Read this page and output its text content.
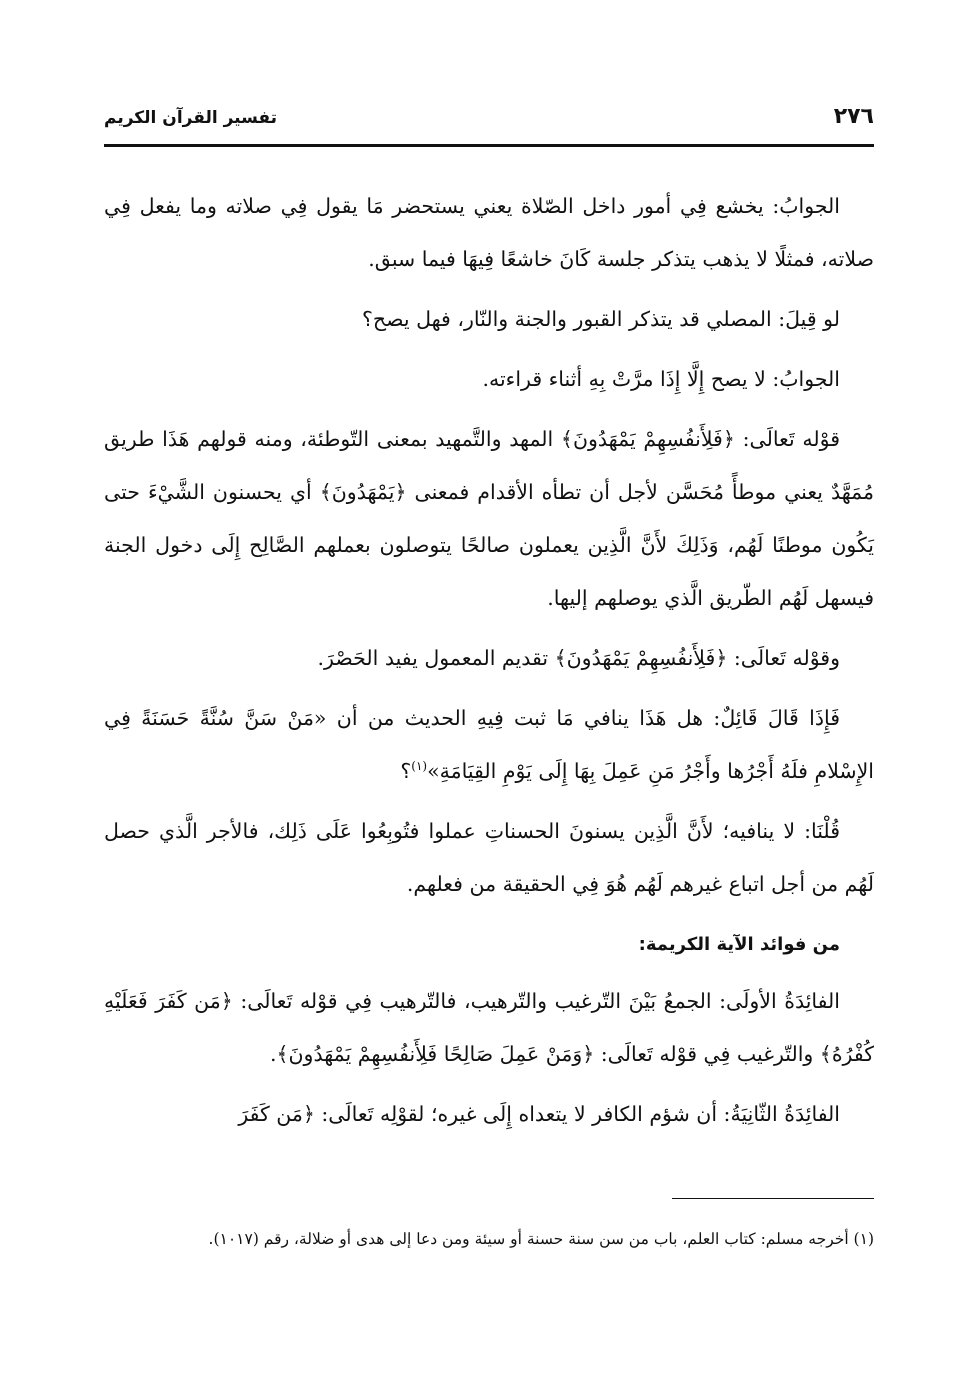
٢٧٦
تفسير القرآن الكريم

الجوابُ: يخشع فِي أمور داخل الصّلاة يعني يستحضر مَا يقول فِي صلاته وما يفعل فِي صلاته، فمثلًا لا يذهب يتذكر جلسة كَانَ خاشعًا فِيهَا فيما سبق.

لو قِيلَ: المصلي قد يتذكر القبور والجنة والنّار، فهل يصح؟

الجوابُ: لا يصح إِلَّا إِذَا مرَّتْ بِهِ أثناء قراءته.

قوْله تَعالَى: ﴿فَلِأَنفُسِهِمْ يَمْهَدُونَ﴾ المهد والتَّمهيد بمعنى التّوطئة، ومنه قولهم هَذَا طريق مُمَهَّدٌ يعني موطأً مُحَسَّن لأجل أن تطأه الأقدام فمعنى ﴿يَمْهَدُونَ﴾ أي يحسنون الشَّيْءَ حتى يَكُون موطنًا لَهُم، وَذَلِكَ لأَنَّ الَّذِين يعملون صالحًا يتوصلون بعملهم الصَّالِح إِلَى دخول الجنة فيسهل لَهُم الطّريق الَّذي يوصلهم إليها.

وقوْله تَعالَى: ﴿فَلِأَنفُسِهِمْ يَمْهَدُونَ﴾ تقديم المعمول يفيد الحَصْرَ.

فَإِذَا قَالَ قَائِلٌ: هل هَذَا ينافي مَا ثبت فِيهِ الحديث من أن «مَنْ سَنَّ سُنَّةً حَسَنَةً فِي الإِسْلامِ فلَهُ أَجْرُها وأَجْرُ مَنِ عَمِلَ بِهَا إِلَى يَوْمِ القِيَامَةِ»$^{(١)}$؟

قُلْنَا: لا ينافيه؛ لأَنَّ الَّذِين يسنونَ الحسناتِ عملوا فتُوبِعُوا عَلَى ذَلِك، فالأجر الَّذي حصل لَهُم من أجل اتباع غيرهم لَهُم هُوَ فِي الحقيقة من فعلهم.

من فوائد الآية الكريمة:

الفائِدَةُ الأولَى: الجمعُ بَيْنَ التّرغيب والتّرهيب، فالتّرهيب فِي قوْله تَعالَى: ﴿مَن كَفَرَ فَعَلَيْهِ كُفْرُهُ﴾ والتّرغيب فِي قوْله تَعالَى: ﴿وَمَنْ عَمِلَ صَالِحًا فَلِأَنفُسِهِمْ يَمْهَدُونَ﴾.

الفائِدَةُ الثّانِيَةُ: أن شؤم الكافر لا يتعداه إِلَى غيره؛ لقوْلِه تَعالَى: ﴿مَن كَفَرَ

(١) أخرجه مسلم: كتاب العلم، باب من سن سنة حسنة أو سيئة ومن دعا إلى هدى أو ضلالة، رقم (١٠١٧).
